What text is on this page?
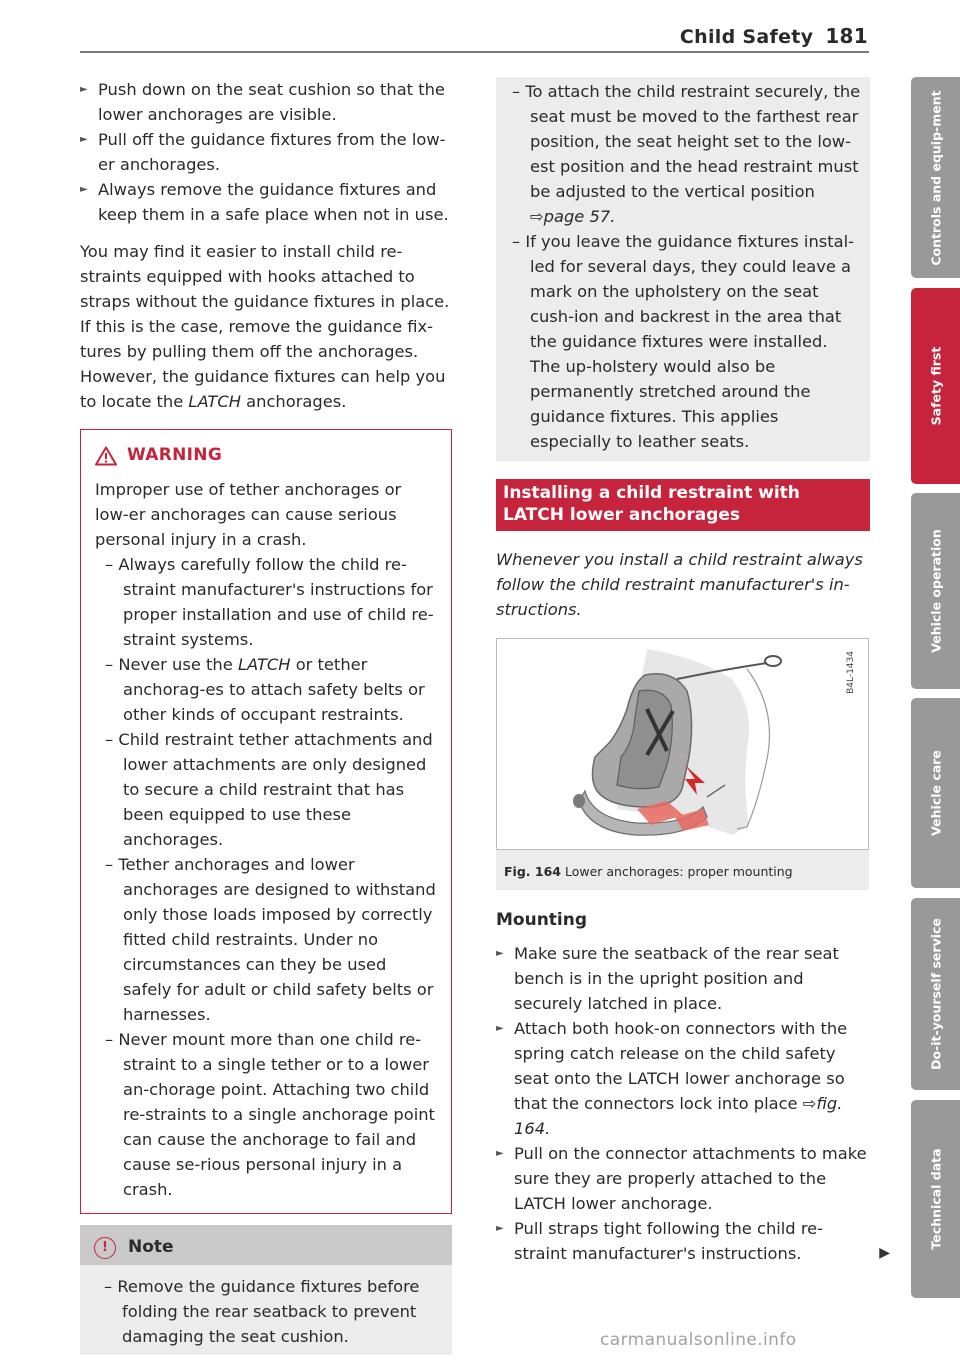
Child Safety 181
► Push down on the seat cushion so that the lower anchorages are visible.
► Pull off the guidance fixtures from the low-er anchorages.
► Always remove the guidance fixtures and keep them in a safe place when not in use.

You may find it easier to install child re-straints equipped with hooks attached to straps without the guidance fixtures in place. If this is the case, remove the guidance fix-tures by pulling them off the anchorages. However, the guidance fixtures can help you to locate the LATCH anchorages.

WARNING
Improper use of tether anchorages or low-er anchorages can cause serious personal injury in a crash.
– Always carefully follow the child re-straint manufacturer's instructions for proper installation and use of child re-straint systems.
– Never use the LATCH or tether anchorag-es to attach safety belts or other kinds of occupant restraints.
– Child restraint tether attachments and lower attachments are only designed to secure a child restraint that has been equipped to use these anchorages.
– Tether anchorages and lower anchorages are designed to withstand only those loads imposed by correctly fitted child restraints. Under no circumstances can they be used safely for adult or child safety belts or harnesses.
– Never mount more than one child re-straint to a single tether or to a lower an-chorage point. Attaching two child re-straints to a single anchorage point can cause the anchorage to fail and cause se-rious personal injury in a crash.
!	Note
– Remove the guidance fixtures before folding the rear seatback to prevent damaging the seat cushion.
– To attach the child restraint securely, the seat must be moved to the farthest rear position, the seat height set to the low-est position and the head restraint must be adjusted to the vertical position ⇨page 57.
– If you leave the guidance fixtures instal-led for several days, they could leave a mark on the upholstery on the seat cush-ion and backrest in the area that the guidance fixtures were installed. The up-holstery would also be permanently stretched around the guidance fixtures. This applies especially to leather seats.
Installing a child restraint with LATCH lower anchorages

Whenever you install a child restraint always follow the child restraint manufacturer's in-structions.

B4L-1434
Fig. 164 Lower anchorages: proper mounting
Mounting
► Make sure the seatback of the rear seat bench is in the upright position and securely latched in place.
► Attach both hook-on connectors with the spring catch release on the child safety seat onto the LATCH lower anchorage so that the connectors lock into place ⇨fig. 164.
► Pull on the connector attachments to make sure they are properly attached to the LATCH lower anchorage.
► Pull straps tight following the child re-straint manufacturer's instructions.	▶
Controls and equip-ment
Safety first
Vehicle operation
Vehicle care
Do-it-yourself service
Technical data
carmanualsonline.info
